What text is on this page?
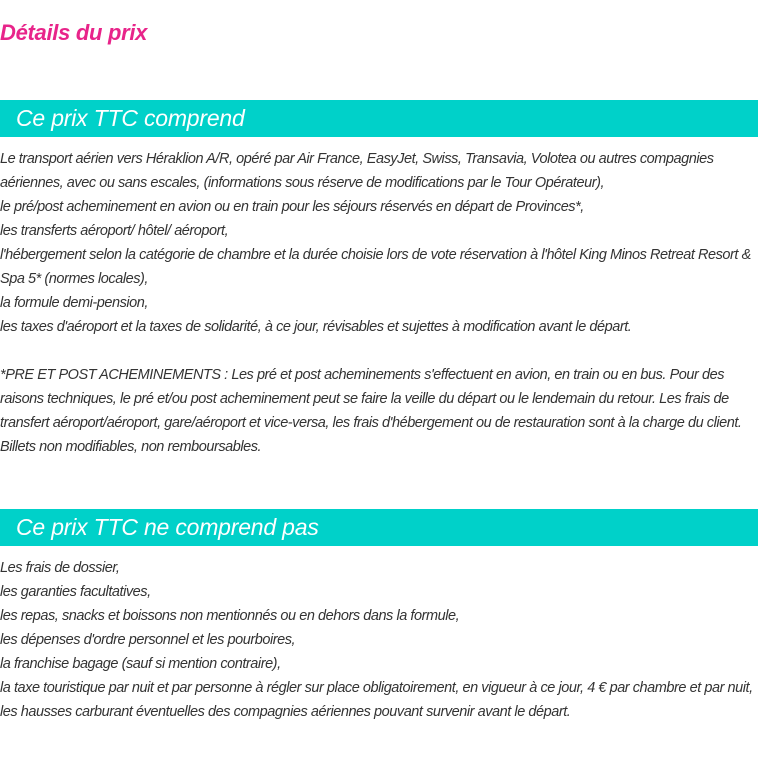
Détails du prix
Ce prix TTC comprend

Le transport aérien vers Héraklion A/R, opéré par Air France, EasyJet, Swiss, Transavia, Volotea ou autres compagnies aériennes, avec ou sans escales, (informations sous réserve de modifications par le Tour Opérateur),

le pré/post acheminement en avion ou en train pour les séjours réservés en départ de Provinces*,

les transferts aéroport/ hôtel/ aéroport,

l'hébergement selon la catégorie de chambre et la durée choisie lors de vote réservation à l'hôtel King Minos Retreat Resort & Spa 5* (normes locales),

la formule demi-pension,

les taxes d'aéroport et la taxes de solidarité, à ce jour, révisables et sujettes à modification avant le départ.

*PRE ET POST ACHEMINEMENTS : Les pré et post acheminements s'effectuent en avion, en train ou en bus. Pour des raisons techniques, le pré et/ou post acheminement peut se faire la veille du départ ou le lendemain du retour. Les frais de transfert aéroport/aéroport, gare/aéroport et vice-versa, les frais d'hébergement ou de restauration sont à la charge du client. Billets non modifiables, non remboursables.

Ce prix TTC ne comprend pas

Les frais de dossier,

les garanties facultatives,

les repas, snacks et boissons non mentionnés ou en dehors dans la formule,

les dépenses d'ordre personnel et les pourboires,

la franchise bagage (sauf si mention contraire),

la taxe touristique par nuit et par personne à régler sur place obligatoirement, en vigueur à ce jour, 4 € par chambre et par nuit,

les hausses carburant éventuelles des compagnies aériennes pouvant survenir avant le départ.
